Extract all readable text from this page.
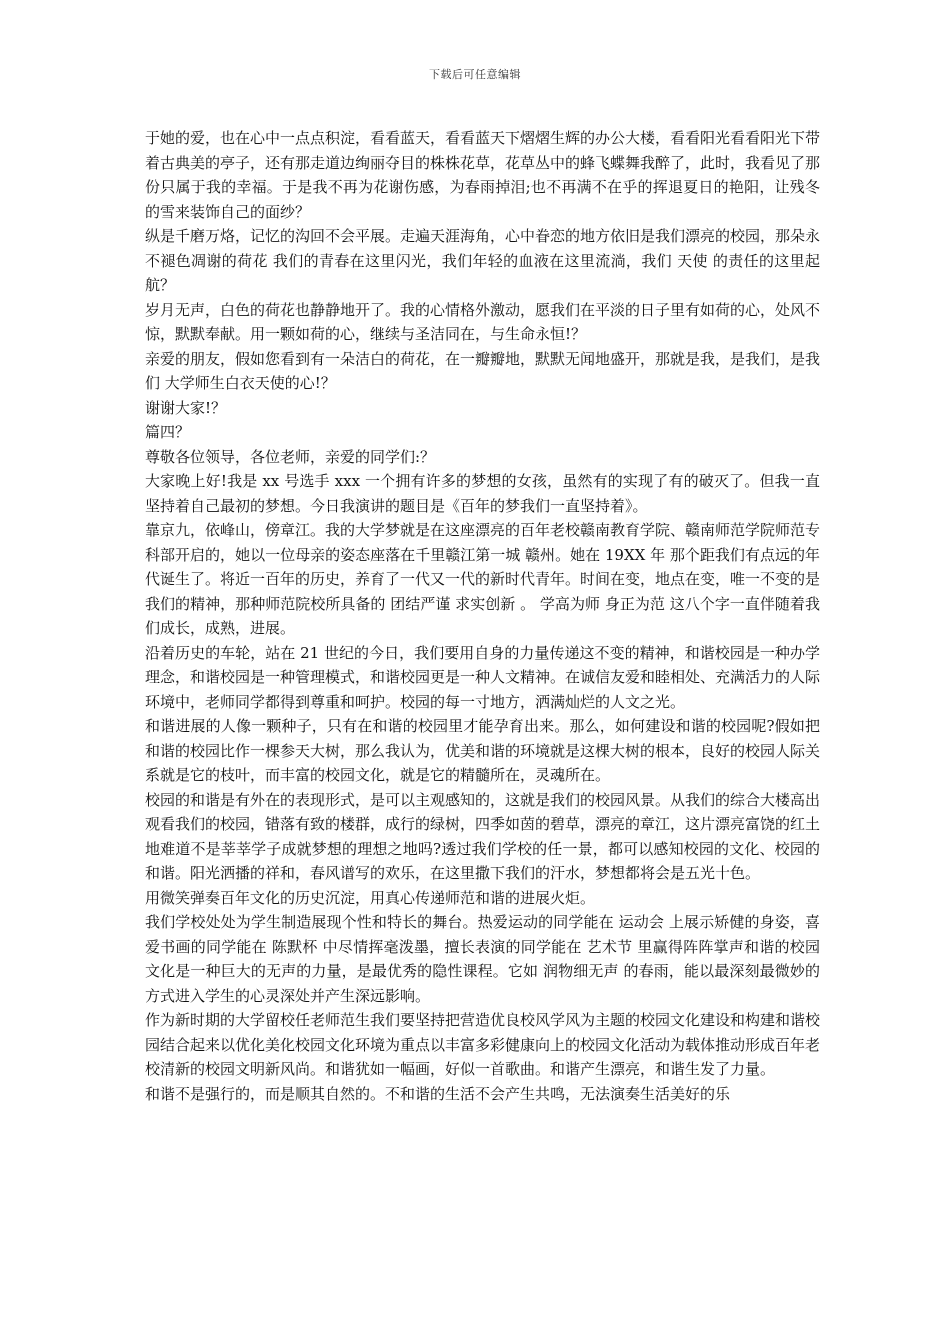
下载后可任意编辑

于她的爱，也在心中一点点积淀，看看蓝天，看看蓝天下熠熠生辉的办公大楼，看看阳光看看阳光下带着古典美的亭子，还有那走道边绚丽夺目的株株花草，花草丛中的蜂飞蝶舞我醉了，此时，我看见了那份只属于我的幸福。于是我不再为花谢伤感，为春雨掉泪;也不再满不在乎的挥退夏日的艳阳，让残冬的雪来装饰自己的面纱？

纵是千磨万烙，记忆的沟回不会平展。走遍天涯海角，心中眷恋的地方依旧是我们漂亮的校园，那朵永不褪色凋谢的荷花 我们的青春在这里闪光，我们年轻的血液在这里流淌，我们 天使 的责任的这里起航？

岁月无声，白色的荷花也静静地开了。我的心情格外激动，愿我们在平淡的日子里有如荷的心，处风不惊，默默奉献。用一颗如荷的心，继续与圣洁同在，与生命永恒!？

亲爱的朋友，假如您看到有一朵洁白的荷花，在一瓣瓣地，默默无闻地盛开，那就是我，是我们，是我们 大学师生白衣天使的心!？

谢谢大家!？

篇四？

尊敬各位领导，各位老师，亲爱的同学们:？

大家晚上好!我是 xx 号选手 xxx 一个拥有许多的梦想的女孩，虽然有的实现了有的破灭了。但我一直坚持着自己最初的梦想。今日我演讲的题目是《百年的梦我们一直坚持着》。

靠京九，依峰山，傍章江。我的大学梦就是在这座漂亮的百年老校赣南教育学院、赣南师范学院师范专科部开启的，她以一位母亲的姿态座落在千里赣江第一城 赣州。她在 19XX 年 那个距我们有点远的年代诞生了。将近一百年的历史，养育了一代又一代的新时代青年。时间在变，地点在变，唯一不变的是我们的精神，那种师范院校所具备的 团结严谨 求实创新 。 学高为师 身正为范 这八个字一直伴随着我们成长，成熟，进展。

沿着历史的车轮，站在 21 世纪的今日，我们要用自身的力量传递这不变的精神，和谐校园是一种办学理念，和谐校园是一种管理模式，和谐校园更是一种人文精神。在诚信友爱和睦相处、充满活力的人际环境中，老师同学都得到尊重和呵护。校园的每一寸地方，洒满灿烂的人文之光。

和谐进展的人像一颗种子，只有在和谐的校园里才能孕育出来。那么，如何建设和谐的校园呢?假如把和谐的校园比作一棵参天大树，那么我认为，优美和谐的环境就是这棵大树的根本，良好的校园人际关系就是它的枝叶，而丰富的校园文化，就是它的精髓所在，灵魂所在。

校园的和谐是有外在的表现形式，是可以主观感知的，这就是我们的校园风景。从我们的综合大楼高出观看我们的校园，错落有致的楼群，成行的绿树，四季如茵的碧草，漂亮的章江，这片漂亮富饶的红土地难道不是莘莘学子成就梦想的理想之地吗?透过我们学校的任一景，都可以感知校园的文化、校园的和谐。阳光洒播的祥和，春风谱写的欢乐，在这里撒下我们的汗水，梦想都将会是五光十色。

用微笑弹奏百年文化的历史沉淀，用真心传递师范和谐的进展火炬。

我们学校处处为学生制造展现个性和特长的舞台。热爱运动的同学能在 运动会 上展示矫健的身姿，喜爱书画的同学能在 陈默杯 中尽情挥毫泼墨，擅长表演的同学能在 艺术节 里赢得阵阵掌声和谐的校园文化是一种巨大的无声的力量，是最优秀的隐性课程。它如 润物细无声 的春雨，能以最深刻最微妙的方式进入学生的心灵深处并产生深远影响。

作为新时期的大学留校任老师范生我们要坚持把营造优良校风学风为主题的校园文化建设和构建和谐校园结合起来以优化美化校园文化环境为重点以丰富多彩健康向上的校园文化活动为载体推动形成百年老校清新的校园文明新风尚。和谐犹如一幅画，好似一首歌曲。和谐产生漂亮，和谐生发了力量。

和谐不是强行的，而是顺其自然的。不和谐的生活不会产生共鸣，无法演奏生活美好的乐
